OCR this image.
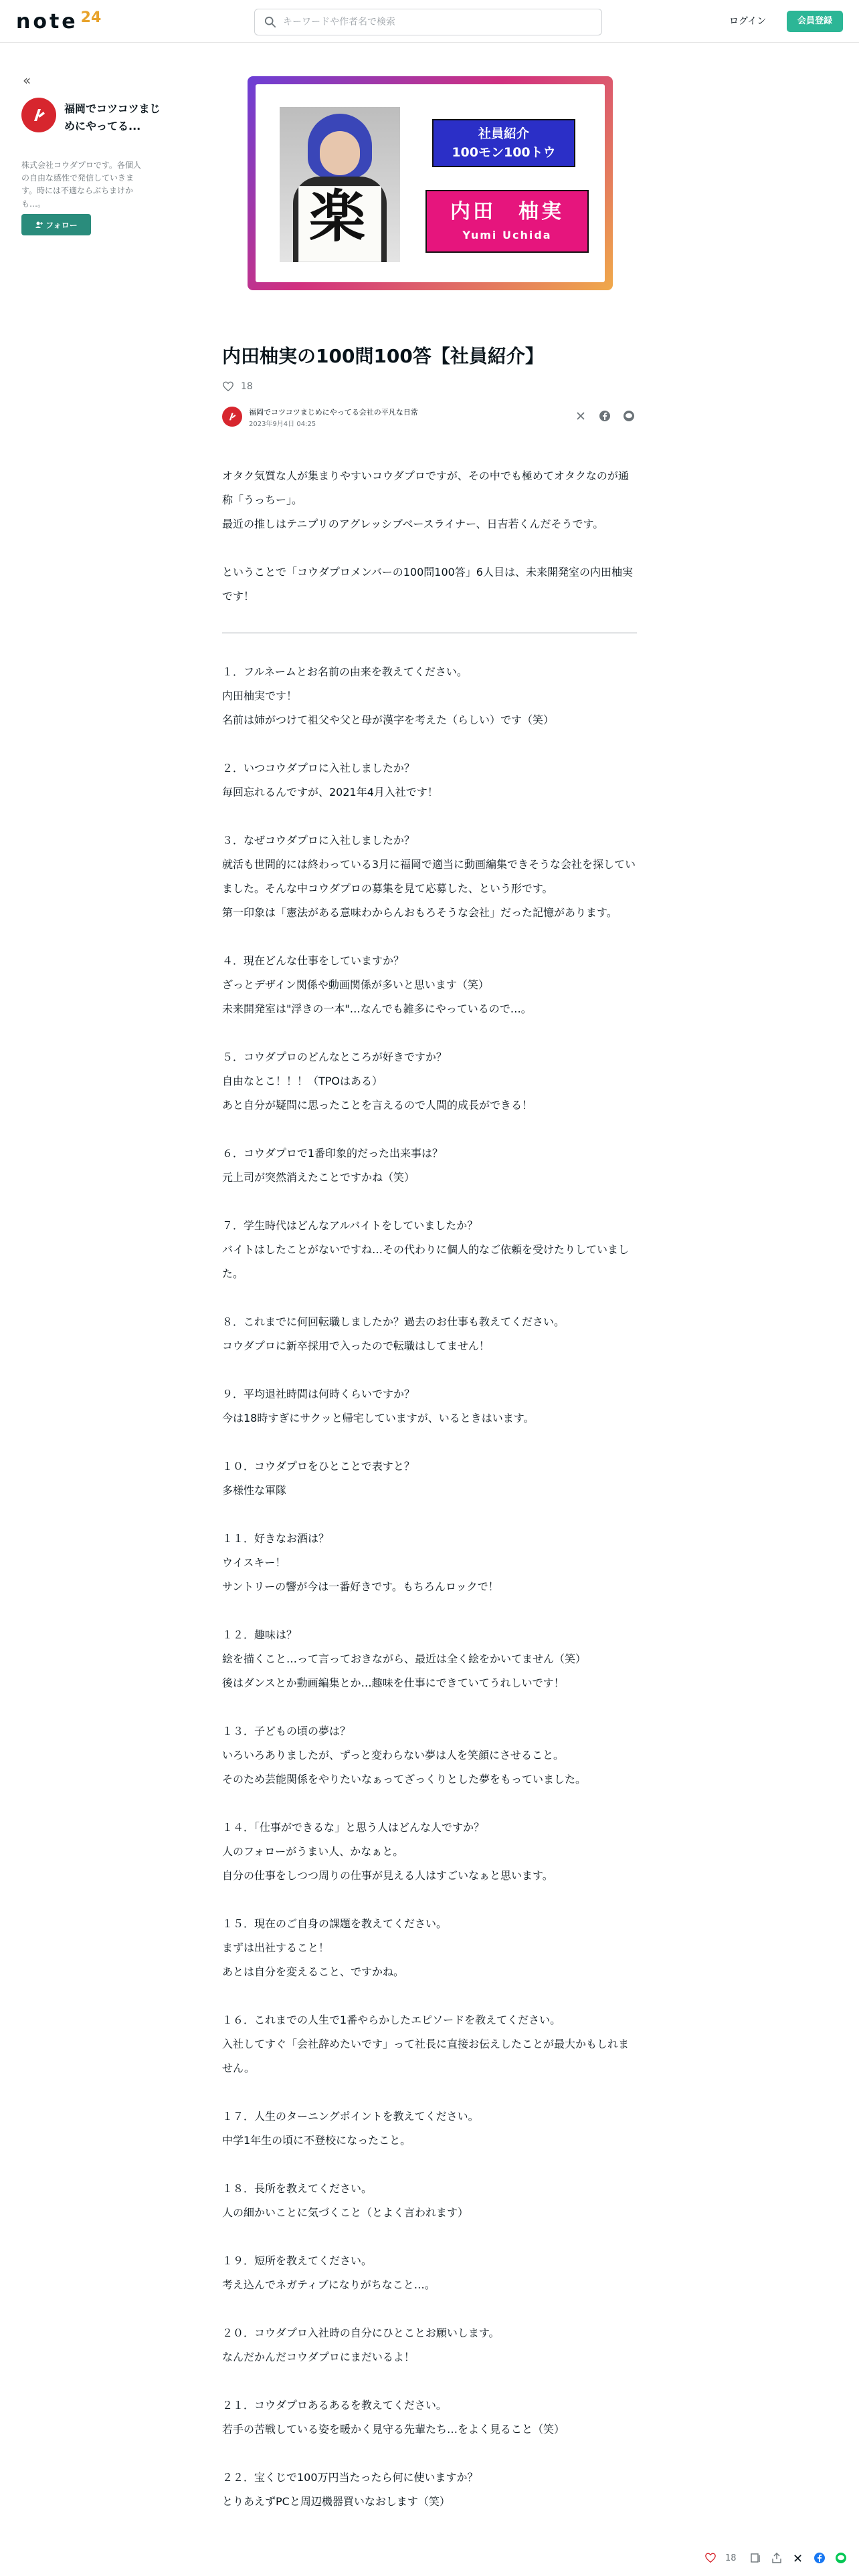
note 24
キーワードや作者名で検索	ログイン	会員登録
«
福岡でコツコツまじめにやってる...
株式会社コウダプロです。各個人の自由な感性で発信していきます。時には不適ならぶちまけかも…。
フォロー	楽
社員紹介
100モン100トウ
内田　柚実
Yumi Uchida
内田柚実の100問100答【社員紹介】
18
福岡でコツコツまじめにやってる会社の平凡な日常
2023年9月4日 04:25

オタク気質な人が集まりやすいコウダプロですが、その中でも極めてオタクなのが通称「うっちー」。

最近の推しはテニプリのアグレッシブベースライナー、日吉若くんだそうです。

ということで「コウダプロメンバーの100問100答」6人目は、未来開発室の内田柚実です！

１．フルネームとお名前の由来を教えてください。

内田柚実です！

名前は姉がつけて祖父や父と母が漢字を考えた（らしい）です（笑）

２．いつコウダプロに入社しましたか？

毎回忘れるんですが、2021年4月入社です！

３．なぜコウダプロに入社しましたか？

就活も世間的には終わっている3月に福岡で適当に動画編集できそうな会社を探していました。そんな中コウダプロの募集を見て応募した、という形です。

第一印象は「憲法がある意味わからんおもろそうな会社」だった記憶があります。

４．現在どんな仕事をしていますか？

ざっとデザイン関係や動画関係が多いと思います（笑）

未来開発室は"浮きの一本"…なんでも雑多にやっているので…。

５．コウダプロのどんなところが好きですか？

自由なとこ！！！（TPOはある）

あと自分が疑問に思ったことを言えるので人間的成長ができる！

６．コウダプロで1番印象的だった出来事は？

元上司が突然消えたことですかね（笑）

７．学生時代はどんなアルバイトをしていましたか？

バイトはしたことがないですね…その代わりに個人的なご依頼を受けたりしていました。

８．これまでに何回転職しましたか？過去のお仕事も教えてください。

コウダプロに新卒採用で入ったので転職はしてません！

９．平均退社時間は何時くらいですか？

今は18時すぎにサクッと帰宅していますが、いるときはいます。

１０．コウダプロをひとことで表すと？

多様性な軍隊

１１．好きなお酒は？

ウイスキー！

サントリーの響が今は一番好きです。もちろんロックで！

１２．趣味は？

絵を描くこと…って言っておきながら、最近は全く絵をかいてません（笑）

後はダンスとか動画編集とか…趣味を仕事にできていてうれしいです！

１３．子どもの頃の夢は？

いろいろありましたが、ずっと変わらない夢は人を笑顔にさせること。

そのため芸能関係をやりたいなぁってざっくりとした夢をもっていました。

１４．「仕事ができるな」と思う人はどんな人ですか？

人のフォローがうまい人、かなぁと。

自分の仕事をしつつ周りの仕事が見える人はすごいなぁと思います。

１５．現在のご自身の課題を教えてください。

まずは出社すること！

あとは自分を変えること、ですかね。

１６．これまでの人生で1番やらかしたエピソードを教えてください。

入社してすぐ「会社辞めたいです」って社長に直接お伝えしたことが最大かもしれません。

１７．人生のターニングポイントを教えてください。

中学1年生の頃に不登校になったこと。

１８．長所を教えてください。

人の細かいことに気づくこと（とよく言われます）

１９．短所を教えてください。

考え込んでネガティブになりがちなこと…。

２０．コウダプロ入社時の自分にひとことお願いします。

なんだかんだコウダプロにまだいるよ！

２１．コウダプロあるあるを教えてください。

若手の苦戦している姿を暖かく見守る先輩たち…をよく見ること（笑）

２２．宝くじで100万円当たったら何に使いますか？

とりあえずPCと周辺機器買いなおします（笑）

18
